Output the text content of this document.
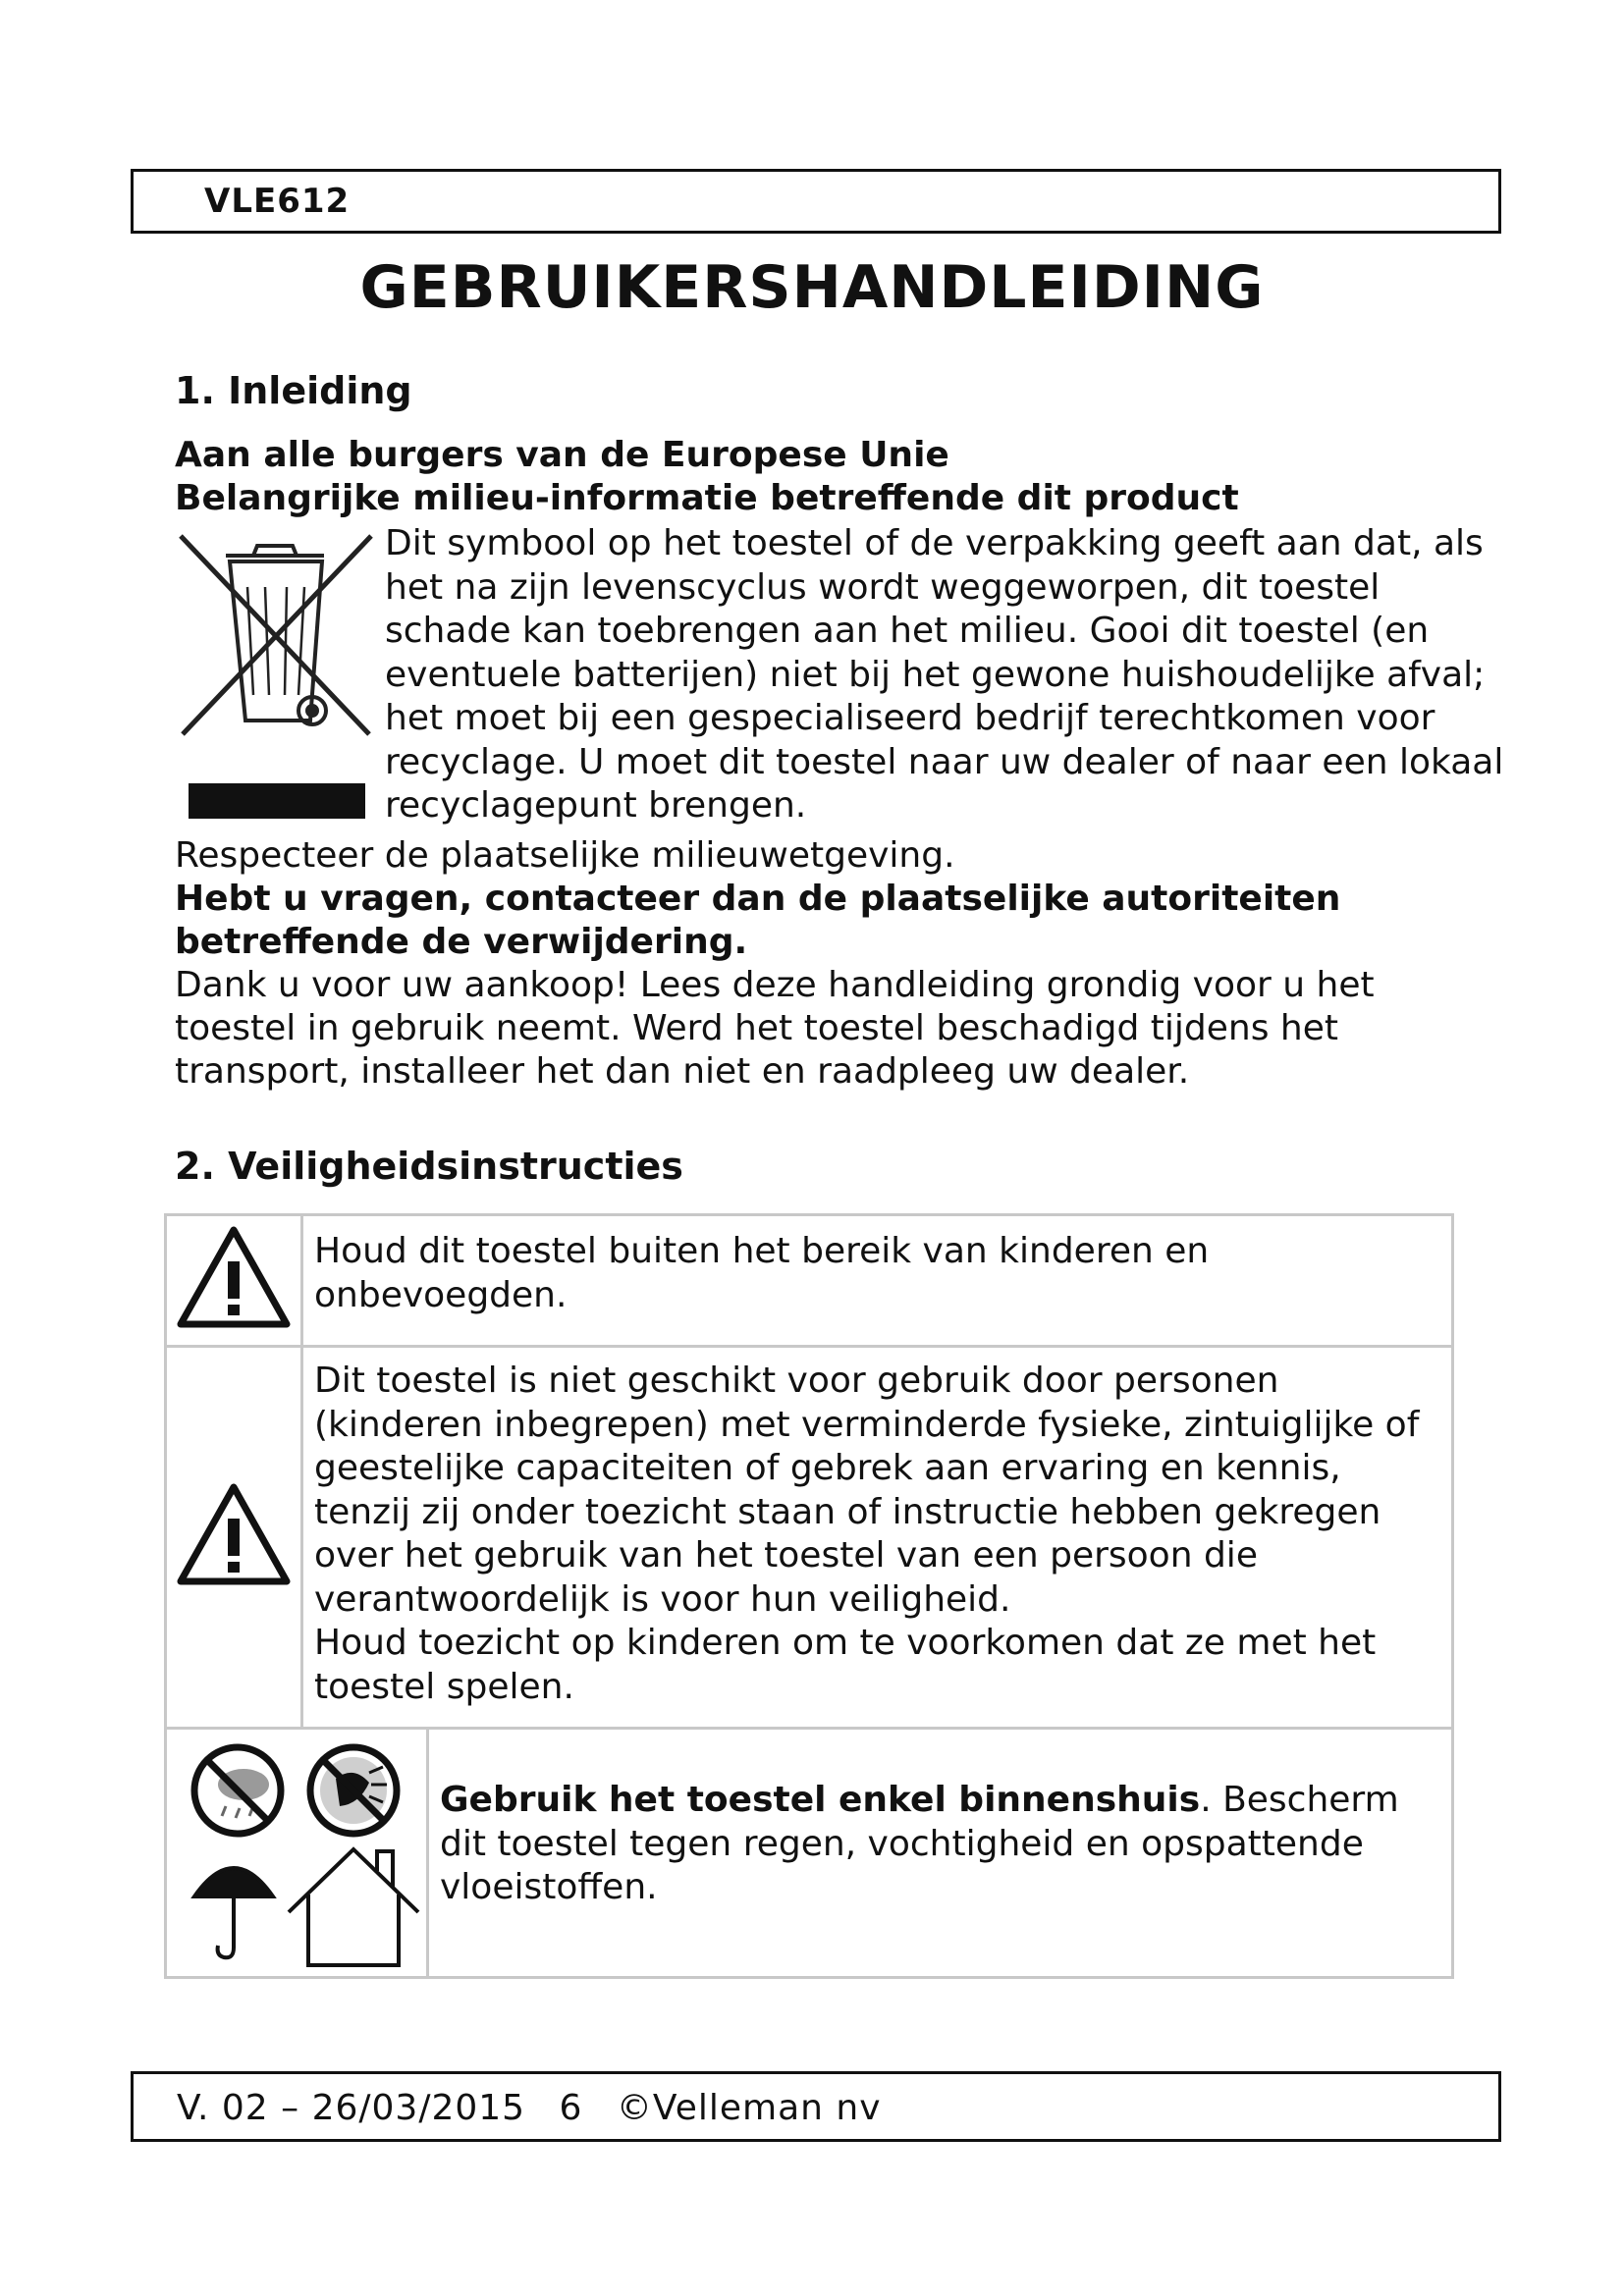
VLE612
GEBRUIKERSHANDLEIDING
1. Inleiding
Aan alle burgers van de Europese Unie
Belangrijke milieu-informatie betreffende dit product
Dit symbool op het toestel of de verpakking geeft aan dat, als het na zijn levenscyclus wordt weggeworpen, dit toestel schade kan toebrengen aan het milieu. Gooi dit toestel (en eventuele batterijen) niet bij het gewone huishoudelijke afval; het moet bij een gespecialiseerd bedrijf terechtkomen voor recyclage. U moet dit toestel naar uw dealer of naar een lokaal recyclagepunt brengen.
Respecteer de plaatselijke milieuwetgeving.
Hebt u vragen, contacteer dan de plaatselijke autoriteiten betreffende de verwijdering.
Dank u voor uw aankoop! Lees deze handleiding grondig voor u het toestel in gebruik neemt. Werd het toestel beschadigd tijdens het transport, installeer het dan niet en raadpleeg uw dealer.
2. Veiligheidsinstructies
Houd dit toestel buiten het bereik van kinderen en onbevoegden.
Dit toestel is niet geschikt voor gebruik door personen (kinderen inbegrepen) met verminderde fysieke, zintuiglijke of geestelijke capaciteiten of gebrek aan ervaring en kennis, tenzij zij onder toezicht staan of instructie hebben gekregen over het gebruik van het toestel van een persoon die verantwoordelijk is voor hun veiligheid.
Houd toezicht op kinderen om te voorkomen dat ze met het toestel spelen.
Gebruik het toestel enkel binnenshuis. Bescherm dit toestel tegen regen, vochtigheid en opspattende vloeistoffen.
V. 02 – 26/03/2015 6 ©Velleman nv
